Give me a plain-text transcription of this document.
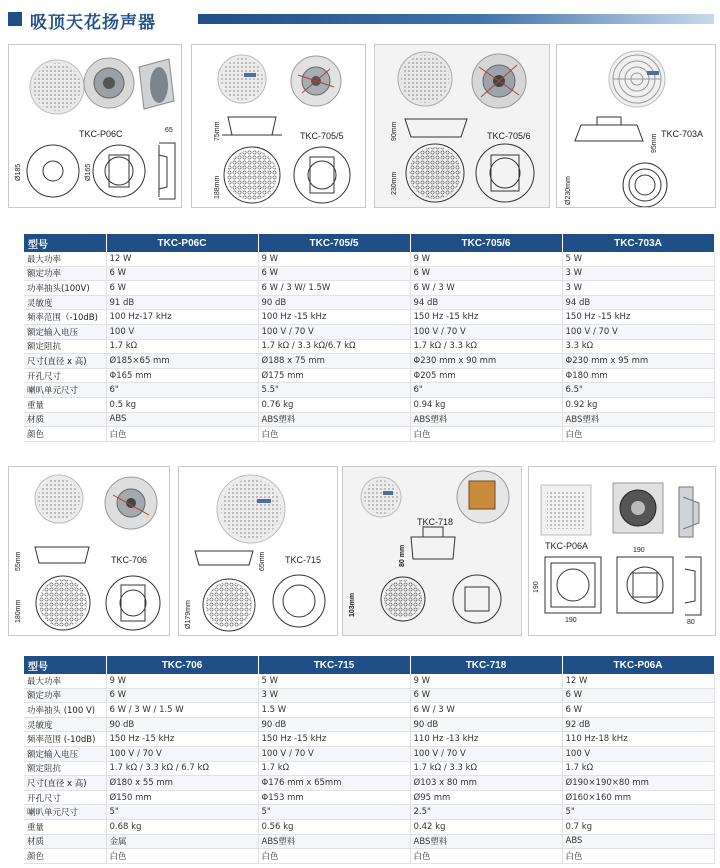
吸顶天花扬声器
TKC-P06C	65
Ø185	Ø165
TKC-705/5
75mm
188mm
TKC-705/6
90mm
230mm
TKC-703A
95mm
Ø230mm
型号	TKC-P06C	TKC-705/5	TKC-705/6	TKC-703A
最大功率	12 W	9 W	9 W	5 W
额定功率	6 W	6 W	6 W	3 W
功率抽头(100V)	6 W	6 W / 3 W/ 1.5W	6 W / 3 W	3 W
灵敏度	91 dB	90 dB	94 dB	94 dB
频率范围（-10dB)	100 Hz-17 kHz	100 Hz -15 kHz	150 Hz -15 kHz	150 Hz -15 kHz
额定输入电压	100 V	100 V / 70 V	100 V / 70 V	100 V / 70 V
额定阻抗	1.7 kΩ	1.7 kΩ / 3.3 kΩ/6.7 kΩ	1.7 kΩ / 3.3 kΩ	3.3 kΩ
尺寸(直径 x 高)	Ø185×65 mm	Ø188 x 75 mm	Φ230 mm x 90 mm	Φ230 mm x 95 mm
开孔尺寸	Φ165 mm	Ø175 mm	Φ205 mm	Φ180 mm
喇叭单元尺寸	6"	5.5"	6"	6.5"
重量	0.5 kg	0.76 kg	0.94 kg	0.92 kg
材质	ABS	ABS塑料	ABS塑料	ABS塑料
颜色	白色	白色	白色	白色
TKC-706
55mm
180mm
TKC-715
65mm
Ø179mm
TKC-718
80 mm
103mm
TKC-P06A	190
190
190	80
型号	TKC-706	TKC-715	TKC-718	TKC-P06A
最大功率	9 W	5 W	9 W	12 W
额定功率	6 W	3 W	6 W	6 W
功率抽头 (100 V)	6 W / 3 W / 1.5 W	1.5 W	6 W / 3 W	6 W
灵敏度	90 dB	90 dB	90 dB	92 dB
频率范围 (-10dB)	150 Hz -15 kHz	150 Hz -15 kHz	110 Hz -13 kHz	110 Hz-18 kHz
额定输入电压	100 V / 70 V	100 V / 70 V	100 V / 70 V	100 V
额定阻抗	1.7 kΩ / 3.3 kΩ / 6.7 kΩ	1.7 kΩ	1.7 kΩ / 3.3 kΩ	1.7 kΩ
尺寸(直径 x 高)	Ø180 x 55 mm	Φ176 mm x 65mm	Ø103 x 80 mm	Ø190×190×80 mm
开孔尺寸	Ø150 mm	Φ153 mm	Ø95 mm	Ø160×160 mm
喇叭单元尺寸	5"	5"	2.5"	5"
重量	0.68 kg	0.56 kg	0.42 kg	0.7 kg
材质	金属	ABS塑料	ABS塑料	ABS
颜色	白色	白色	白色	白色
